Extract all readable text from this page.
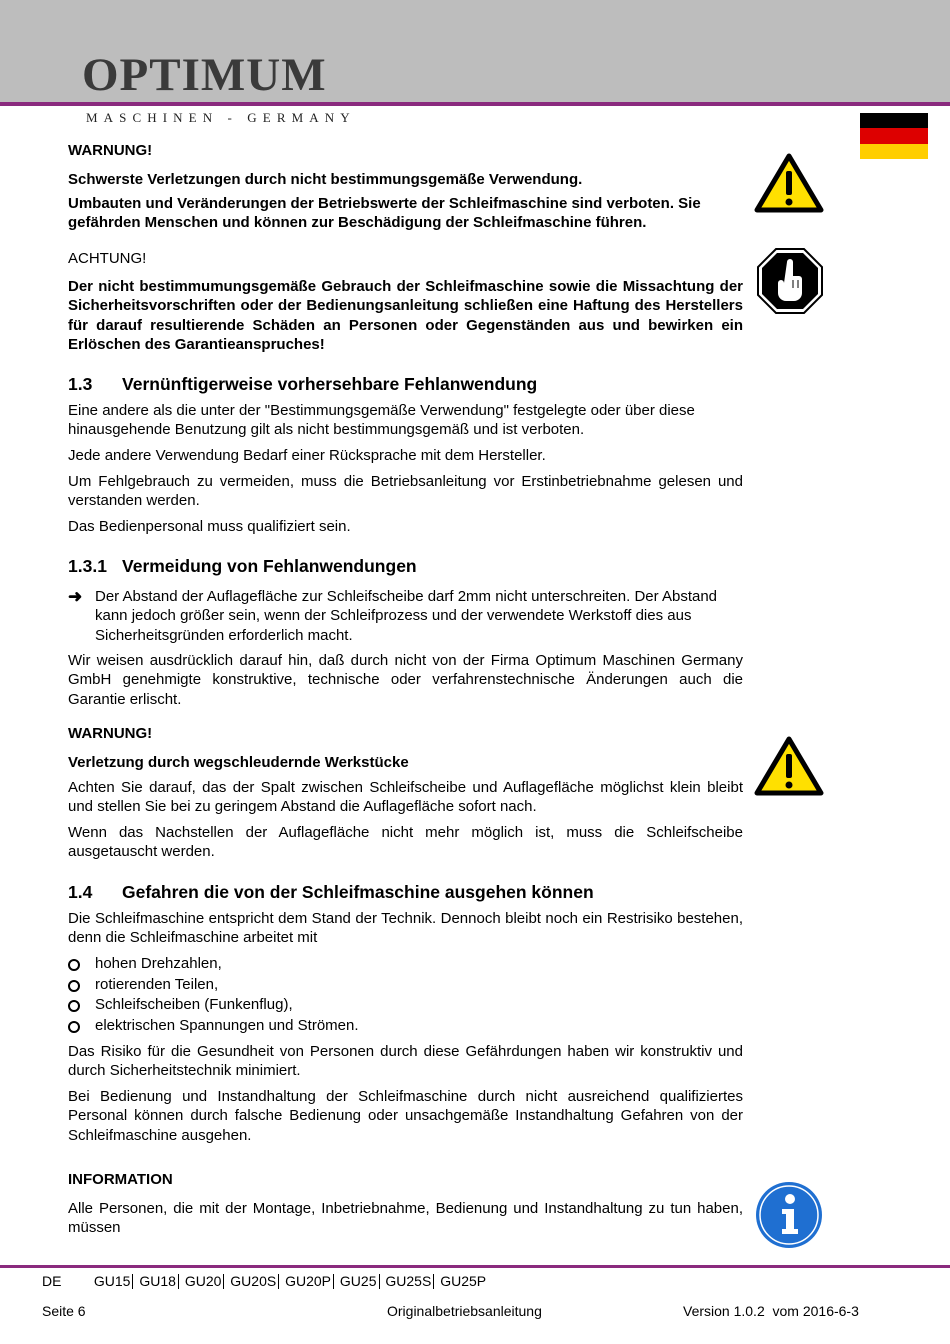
OPTIMUM
MASCHINEN - GERMANY
WARNUNG!
Schwerste Verletzungen durch nicht bestimmungsgemäße Verwendung.
Umbauten und Veränderungen der Betriebswerte der Schleifmaschine sind verboten. Sie gefährden Menschen und können zur Beschädigung der Schleifmaschine führen.
ACHTUNG!
Der nicht bestimmumungsgemäße Gebrauch der Schleifmaschine sowie die Missachtung der Sicherheitsvorschriften oder der Bedienungsanleitung schließen eine Haftung des Herstellers für darauf resultierende Schäden an Personen oder Gegenständen aus und bewirken ein Erlöschen des Garantieanspruches!
1.3 Vernünftigerweise vorhersehbare Fehlanwendung
Eine andere als die unter der "Bestimmungsgemäße Verwendung" festgelegte oder über diese hinausgehende Benutzung gilt als nicht bestimmungsgemäß und ist verboten.
Jede andere Verwendung Bedarf einer Rücksprache mit dem Hersteller.
Um Fehlgebrauch zu vermeiden, muss die Betriebsanleitung vor Erstinbetriebnahme gelesen und verstanden werden.
Das Bedienpersonal muss qualifiziert sein.
1.3.1 Vermeidung von Fehlanwendungen
➜ Der Abstand der Auflagefläche zur Schleifscheibe darf 2mm nicht unterschreiten. Der Abstand kann jedoch größer sein, wenn der Schleifprozess und der verwendete Werkstoff dies aus Sicherheitsgründen erforderlich macht.
Wir weisen ausdrücklich darauf hin, daß durch nicht von der Firma Optimum Maschinen Germany GmbH genehmigte konstruktive, technische oder verfahrenstechnische Änderungen auch die Garantie erlischt.
WARNUNG!
Verletzung durch wegschleuderndе Werkstücke
Achten Sie darauf, das der Spalt zwischen Schleifscheibe und Auflagefläche möglichst klein bleibt und stellen Sie bei zu geringem Abstand die Auflagefläche sofort nach.
Wenn das Nachstellen der Auflagefläche nicht mehr möglich ist, muss die Schleifscheibe ausgetauscht werden.
1.4 Gefahren die von der Schleifmaschine ausgehen können
Die Schleifmaschine entspricht dem Stand der Technik. Dennoch bleibt noch ein Restrisiko bestehen, denn die Schleifmaschine arbeitet mit
hohen Drehzahlen,
rotierenden Teilen,
Schleifscheiben (Funkenflug),
elektrischen Spannungen und Strömen.
Das Risiko für die Gesundheit von Personen durch diese Gefährdungen haben wir konstruktiv und durch Sicherheitstechnik minimiert.
Bei Bedienung und Instandhaltung der Schleifmaschine durch nicht ausreichend qualifiziertes Personal können durch falsche Bedienung oder unsachgemäße Instandhaltung Gefahren von der Schleifmaschine ausgehen.
INFORMATION
Alle Personen, die mit der Montage, Inbetriebnahme, Bedienung und Instandhaltung zu tun haben, müssen
DE GU15 GU18 GU20 GU20S GU20P GU25 GU25S GU25P
Seite 6	Originalbetriebsanleitung	Version 1.0.2  vom 2016-6-3
